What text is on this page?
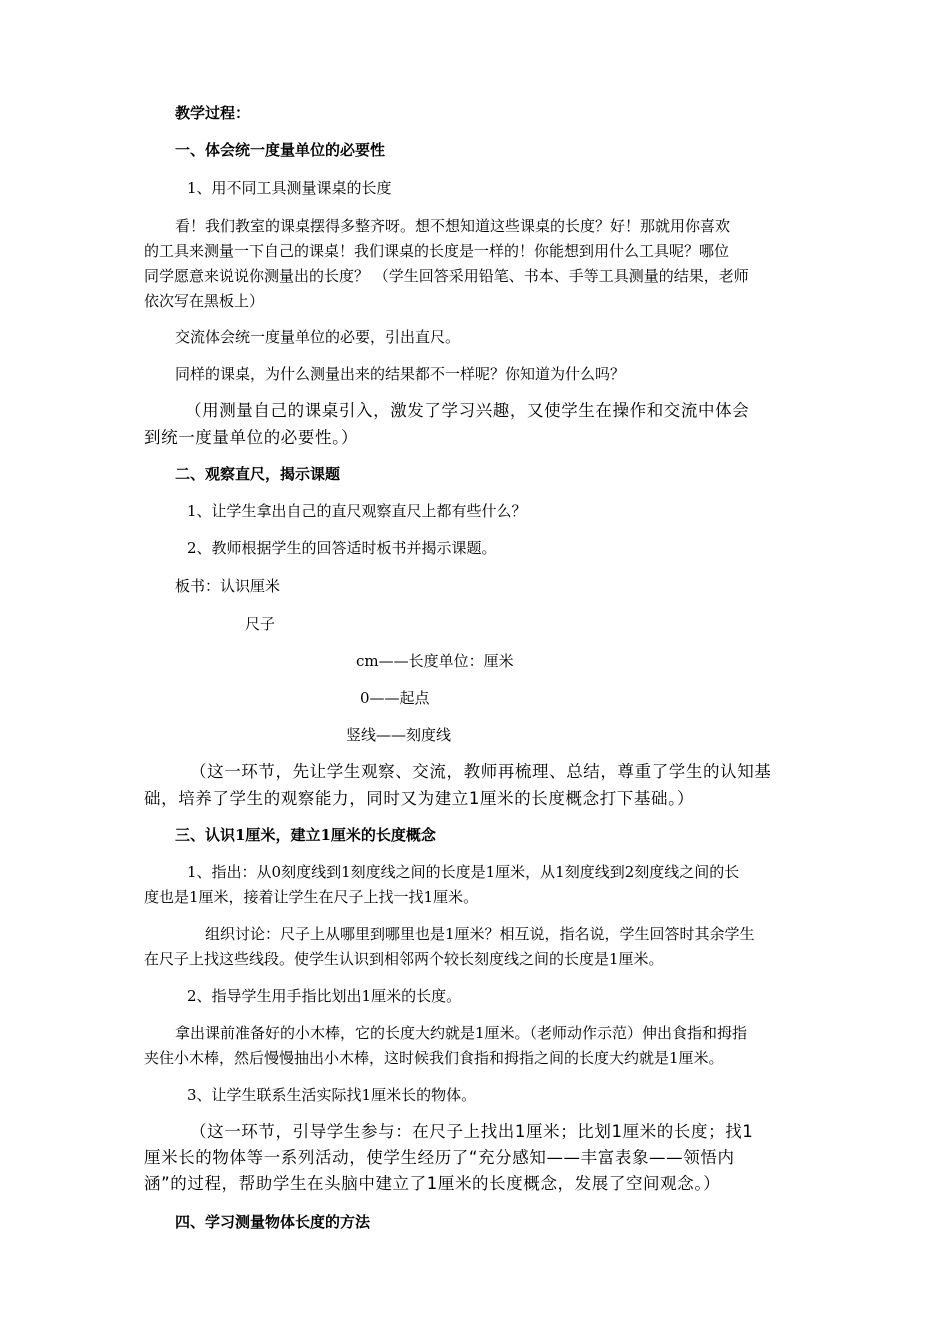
教学过程：
一、体会统一度量单位的必要性
1、用不同工具测量课桌的长度
看！我们教室的课桌摆得多整齐呀。想不想知道这些课桌的长度？好！那就用你喜欢
的工具来测量一下自己的课桌！我们课桌的长度是一样的！你能想到用什么工具呢？哪位
同学愿意来说说你测量出的长度？ （学生回答采用铅笔、书本、手等工具测量的结果，老师
依次写在黑板上）
交流体会统一度量单位的必要，引出直尺。
同样的课桌，为什么测量出来的结果都不一样呢？你知道为什么吗？
（用测量自己的课桌引入，激发了学习兴趣，又使学生在操作和交流中体会
到统一度量单位的必要性。）
二、观察直尺，揭示课题
1、让学生拿出自己的直尺观察直尺上都有些什么？
2、教师根据学生的回答适时板书并揭示课题。
板书：认识厘米
尺子
cm——长度单位：厘米
0——起点
竖线——刻度线
（这一环节，先让学生观察、交流，教师再梳理、总结，尊重了学生的认知基
础，培养了学生的观察能力，同时又为建立1厘米的长度概念打下基础。）
三、认识1厘米，建立1厘米的长度概念
1、指出：从0刻度线到1刻度线之间的长度是1厘米，从1刻度线到2刻度线之间的长
度也是1厘米，接着让学生在尺子上找一找1厘米。
组织讨论：尺子上从哪里到哪里也是1厘米？相互说，指名说，学生回答时其余学生
在尺子上找这些线段。使学生认识到相邻两个较长刻度线之间的长度是1厘米。
2、指导学生用手指比划出1厘米的长度。
拿出课前准备好的小木棒，它的长度大约就是1厘米。（老师动作示范）伸出食指和拇指
夹住小木棒，然后慢慢抽出小木棒，这时候我们食指和拇指之间的长度大约就是1厘米。
3、让学生联系生活实际找1厘米长的物体。
（这一环节，引导学生参与：在尺子上找出1厘米；比划1厘米的长度；找1
厘米长的物体等一系列活动，使学生经历了“充分感知——丰富表象——领悟内
涵”的过程，帮助学生在头脑中建立了1厘米的长度概念，发展了空间观念。）
四、学习测量物体长度的方法
